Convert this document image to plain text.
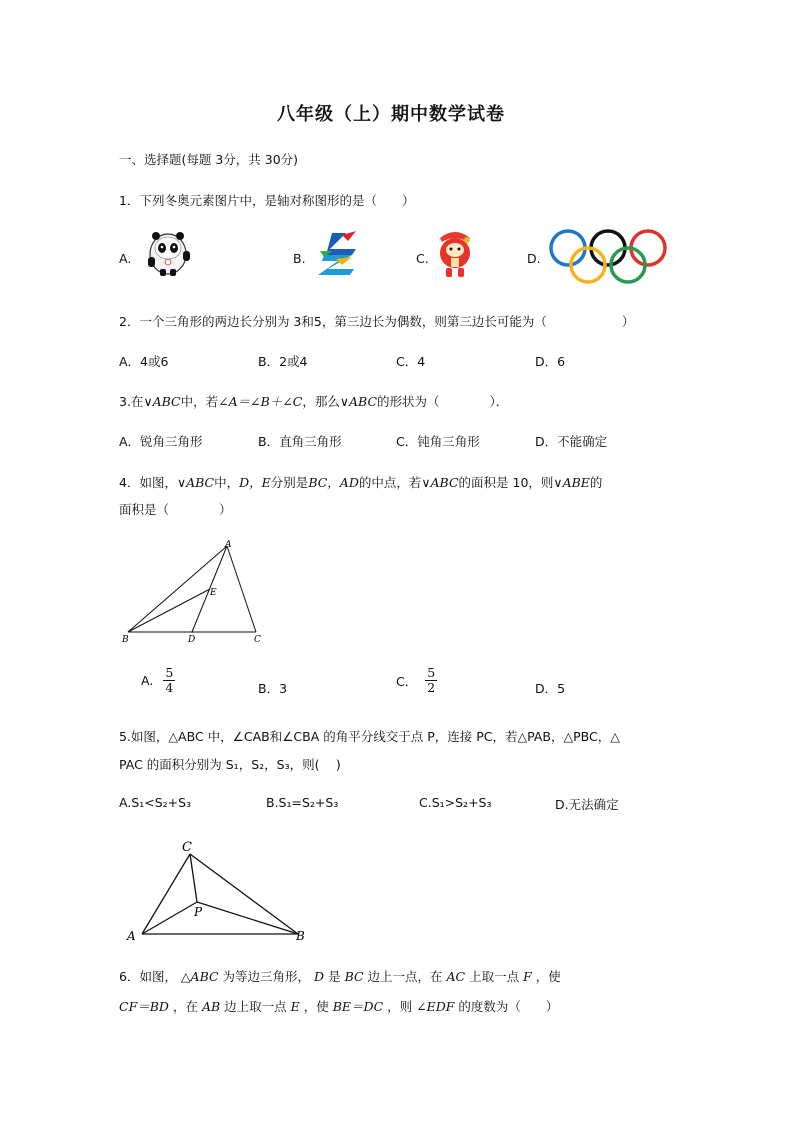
八年级（上）期中数学试卷
一、选择题(每题 3分，共 30分)
1．下列冬奥元素图片中，是轴对称图形的是（　　）
A.	B.	C.	D.
2．一个三角形的两边长分别为 3和5，第三边长为偶数，则第三边长可能为（　　　　　　）
A．4或6	B．2或4	C．4	D．6
3.在∨ABC中，若∠A＝∠B＋∠C，那么∨ABC的形状为（　　　　）．
A．锐角三角形	B．直角三角形	C．钝角三角形	D．不能确定
4．如图，∨ABC中，D，E分别是BC，AD的中点，若∨ABC的面积是 10，则∨ABE的
面积是（　　　　）
A
E
B	D	C
A. $\frac{5}{4}$	B．3	C． $\frac{5}{2}$	D．5
5.如图，△ABC 中，∠CAB和∠CBA 的角平分线交于点 P，连接 PC，若△PAB，△PBC，△
PAC 的面积分别为 S₁，S₂，S₃，则(　 )
A.S₁<S₂+S₃	B.S₁=S₂+S₃	C.S₁>S₂+S₃	D.无法确定
C
P
A	B
6．如图， △ABC 为等边三角形， D 是 BC 边上一点，在 AC 上取一点 F ，使
CF＝BD ，在 AB 边上取一点 E ，使 BE＝DC ，则 ∠EDF 的度数为（　　）
